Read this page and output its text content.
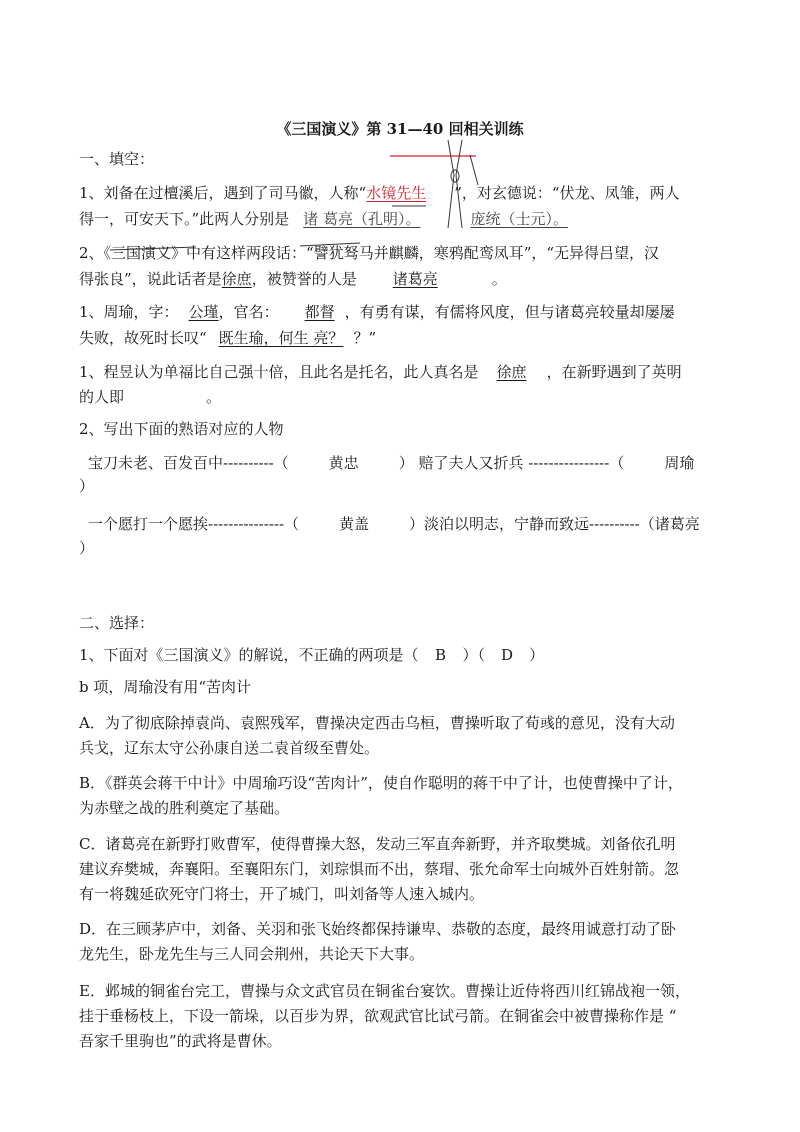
《三国演义》第 31—40 回相关训练
一、填空：
1、刘备在过檀溪后，遇到了司马徽，人称“水镜先生 ”，对玄德说：“伏龙、凤雏，两人
得一，可安天下。”此两人分别是 诸 葛亮（孔明）。	庞统（士元）。
2、《三国演义》中有这样两段话：“譬犹驽马并麒麟，寒鸦配鸾凤耳”，“无异得吕望，汉
得张良”，说此话者是徐庶，被赞誉的人是 诸葛亮	。
1、周瑜，字： 公瑾，官名： 都督 ，有勇有谋，有儒将风度，但与诸葛亮较量却屡屡
失败，故死时长叹“ 既生瑜，何生 亮？ ？”
1、程昱认为单福比自己强十倍，且此名是托名，此人真名是 徐庶 ，在新野遇到了英明
的人即	。
2、写出下面的熟语对应的人物
宝刀未老、百发百中----------（	黄忠	） 赔了夫人又折兵 ----------------（	周瑜
）
一个愿打一个愿挨---------------（	黄盖	）淡泊以明志，宁静而致远----------（诸葛亮
）
二、选择：
1、下面对《三国演义》的解说，不正确的两项是（ B ）（ D ）
b 项，周瑜没有用“苦肉计
A．为了彻底除掉袁尚、袁熙残军，曹操决定西击乌桓，曹操听取了荀彧的意见，没有大动
兵戈，辽东太守公孙康自送二袁首级至曹处。
B．《群英会蒋干中计》中周瑜巧设“苦肉计”，使自作聪明的蒋干中了计，也使曹操中了计，
为赤壁之战的胜利奠定了基础。
C．诸葛亮在新野打败曹军，使得曹操大怒，发动三军直奔新野，并齐取樊城。刘备依孔明
建议弃樊城，奔襄阳。至襄阳东门，刘琮惧而不出，蔡瑁、张允命军士向城外百姓射箭。忽
有一将魏延砍死守门将士，开了城门，叫刘备等人速入城内。
D．在三顾茅庐中，刘备、关羽和张飞始终都保持谦卑、恭敬的态度，最终用诚意打动了卧
龙先生，卧龙先生与三人同会荆州，共论天下大事。
E．邺城的铜雀台完工，曹操与众文武官员在铜雀台宴饮。曹操让近侍将西川红锦战袍一领，
挂于垂杨枝上，下设一箭垛，以百步为界，欲观武官比试弓箭。在铜雀会中被曹操称作是 “
吾家千里驹也”的武将是曹休。
